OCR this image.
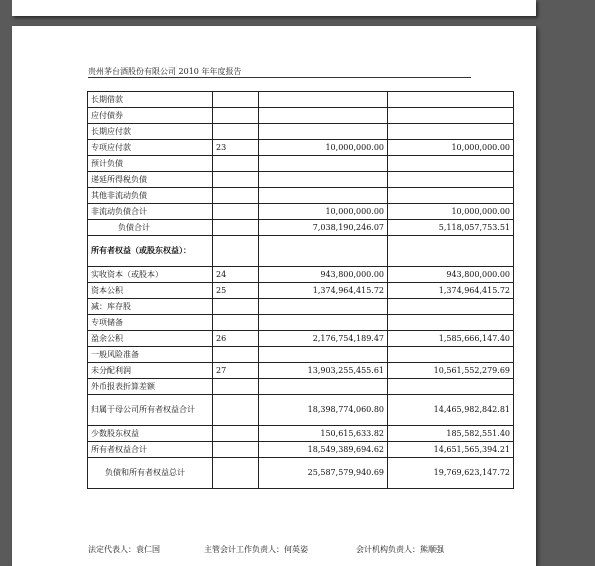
贵州茅台酒股份有限公司 2010 年年度报告
长期借款			
应付债券			
长期应付款			
专项应付款	23	10,000,000.00	10,000,000.00
预计负债			
递延所得税负债			
其他非流动负债			
非流动负债合计		10,000,000.00	10,000,000.00
负债合计		7,038,190,246.07	5,118,057,753.51
所有者权益（或股东权益）：			
实收资本（或股本）	24	943,800,000.00	943,800,000.00
资本公积	25	1,374,964,415.72	1,374,964,415.72
减：库存股			
专项储备			
盈余公积	26	2,176,754,189.47	1,585,666,147.40
一般风险准备			
未分配利润	27	13,903,255,455.61	10,561,552,279.69
外币报表折算差额			
归属于母公司所有者权益合计		18,398,774,060.80	14,465,982,842.81
少数股东权益		150,615,633.82	185,582,551.40
所有者权益合计		18,549,389,694.62	14,651,565,394.21
负债和所有者权益总计		25,587,579,940.69	19,769,623,147.72
法定代表人：袁仁国	主管会计工作负责人：何英姿	会计机构负责人：熊顺强
